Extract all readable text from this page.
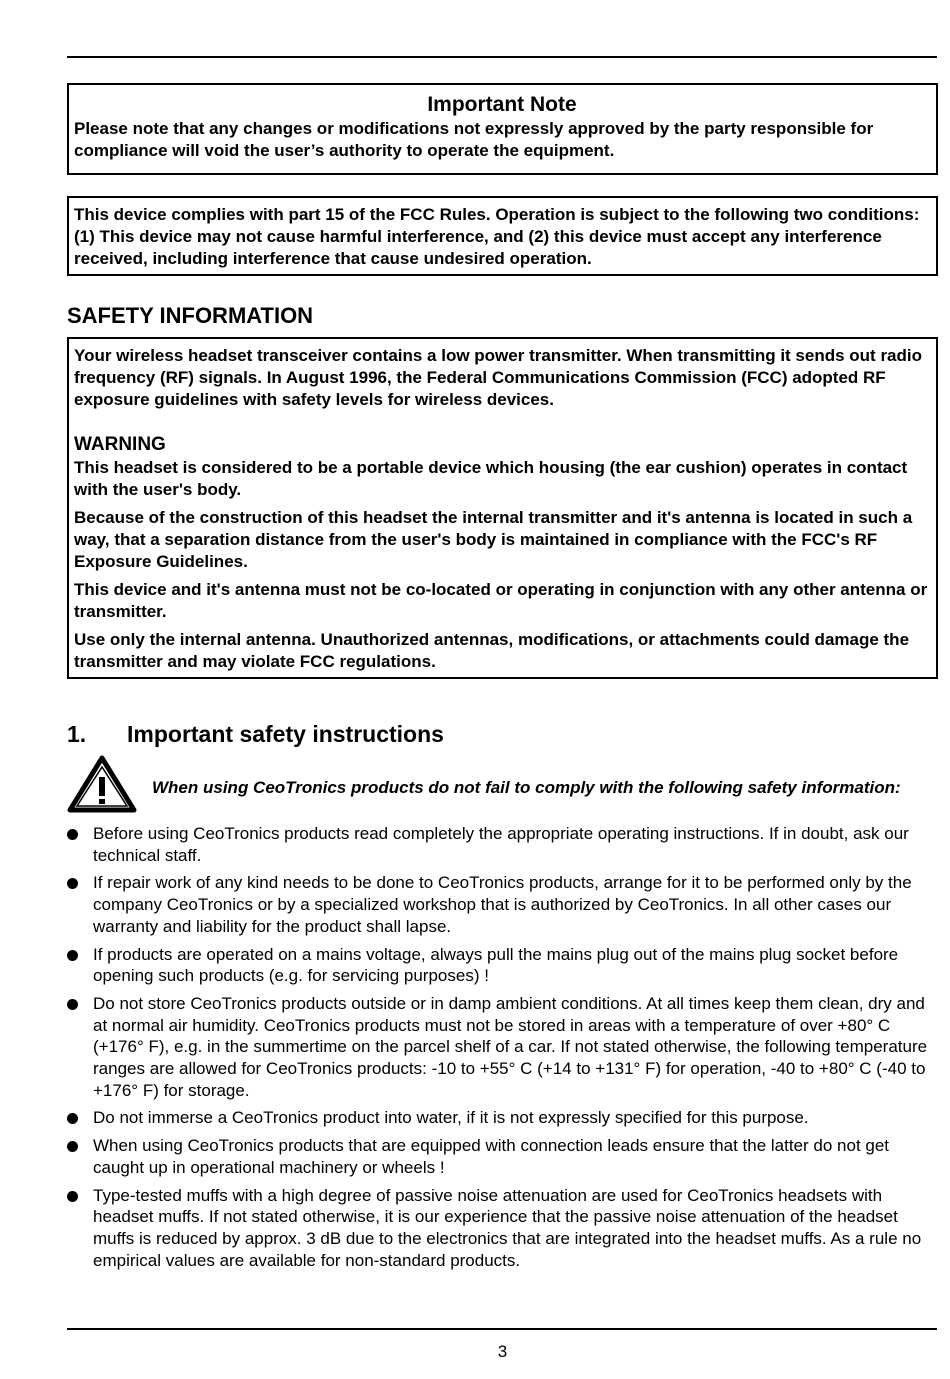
Important Note

Please note that any changes or modifications not expressly approved by the party responsible for compliance will void the user’s authority to operate the equipment.

This device complies with part 15 of the FCC Rules. Operation is subject to the following two conditions: (1) This device may not cause harmful interference, and (2) this device must accept any interference received, including interference that cause undesired operation.

SAFETY INFORMATION

Your wireless headset transceiver contains a low power transmitter. When transmitting it sends out radio frequency (RF) signals. In August 1996, the Federal Communications Commission (FCC) adopted RF exposure guidelines with safety levels for wireless devices.

WARNING

This headset is considered to be a portable device which housing (the ear cushion) operates in contact with the user's body.

Because of the construction of this headset the internal transmitter and it's antenna is located in such a way, that a separation distance from the user's body is maintained in compliance with the FCC's RF Exposure Guidelines.

This device and it's antenna must not be co-located or operating in conjunction with any other antenna or transmitter.

Use only the internal antenna. Unauthorized antennas, modifications, or attachments could damage the transmitter and may violate FCC regulations.

1. Important safety instructions

When using CeoTronics products do not fail to comply with the following safety information:

Before using CeoTronics products read completely the appropriate operating instructions. If in doubt, ask our technical staff.
If repair work of any kind needs to be done to CeoTronics products, arrange for it to be performed only by the company CeoTronics or by a specialized workshop that is authorized by CeoTronics. In all other cases our warranty and liability for the product shall lapse.
If products are operated on a mains voltage, always pull the mains plug out of the mains plug socket before opening such products (e.g. for servicing purposes) !
Do not store CeoTronics products outside or in damp ambient conditions. At all times keep them clean, dry and at normal air humidity. CeoTronics products must not be stored in areas with a temperature of over +80° C (+176° F), e.g. in the summertime on the parcel shelf of a car. If not stated otherwise, the following temperature ranges are allowed for CeoTronics products: -10 to +55° C (+14 to +131° F) for operation, -40 to +80° C (-40 to +176° F) for storage.
Do not immerse a CeoTronics product into water, if it is not expressly specified for this purpose.
When using CeoTronics products that are equipped with connection leads ensure that the latter do not get caught up in operational machinery or wheels !
Type-tested muffs with a high degree of passive noise attenuation are used for CeoTronics headsets with headset muffs. If not stated otherwise, it is our experience that the passive noise attenuation of the headset muffs is reduced by approx. 3 dB due to the electronics that are integrated into the headset muffs. As a rule no empirical values are available for non-standard products.
3
